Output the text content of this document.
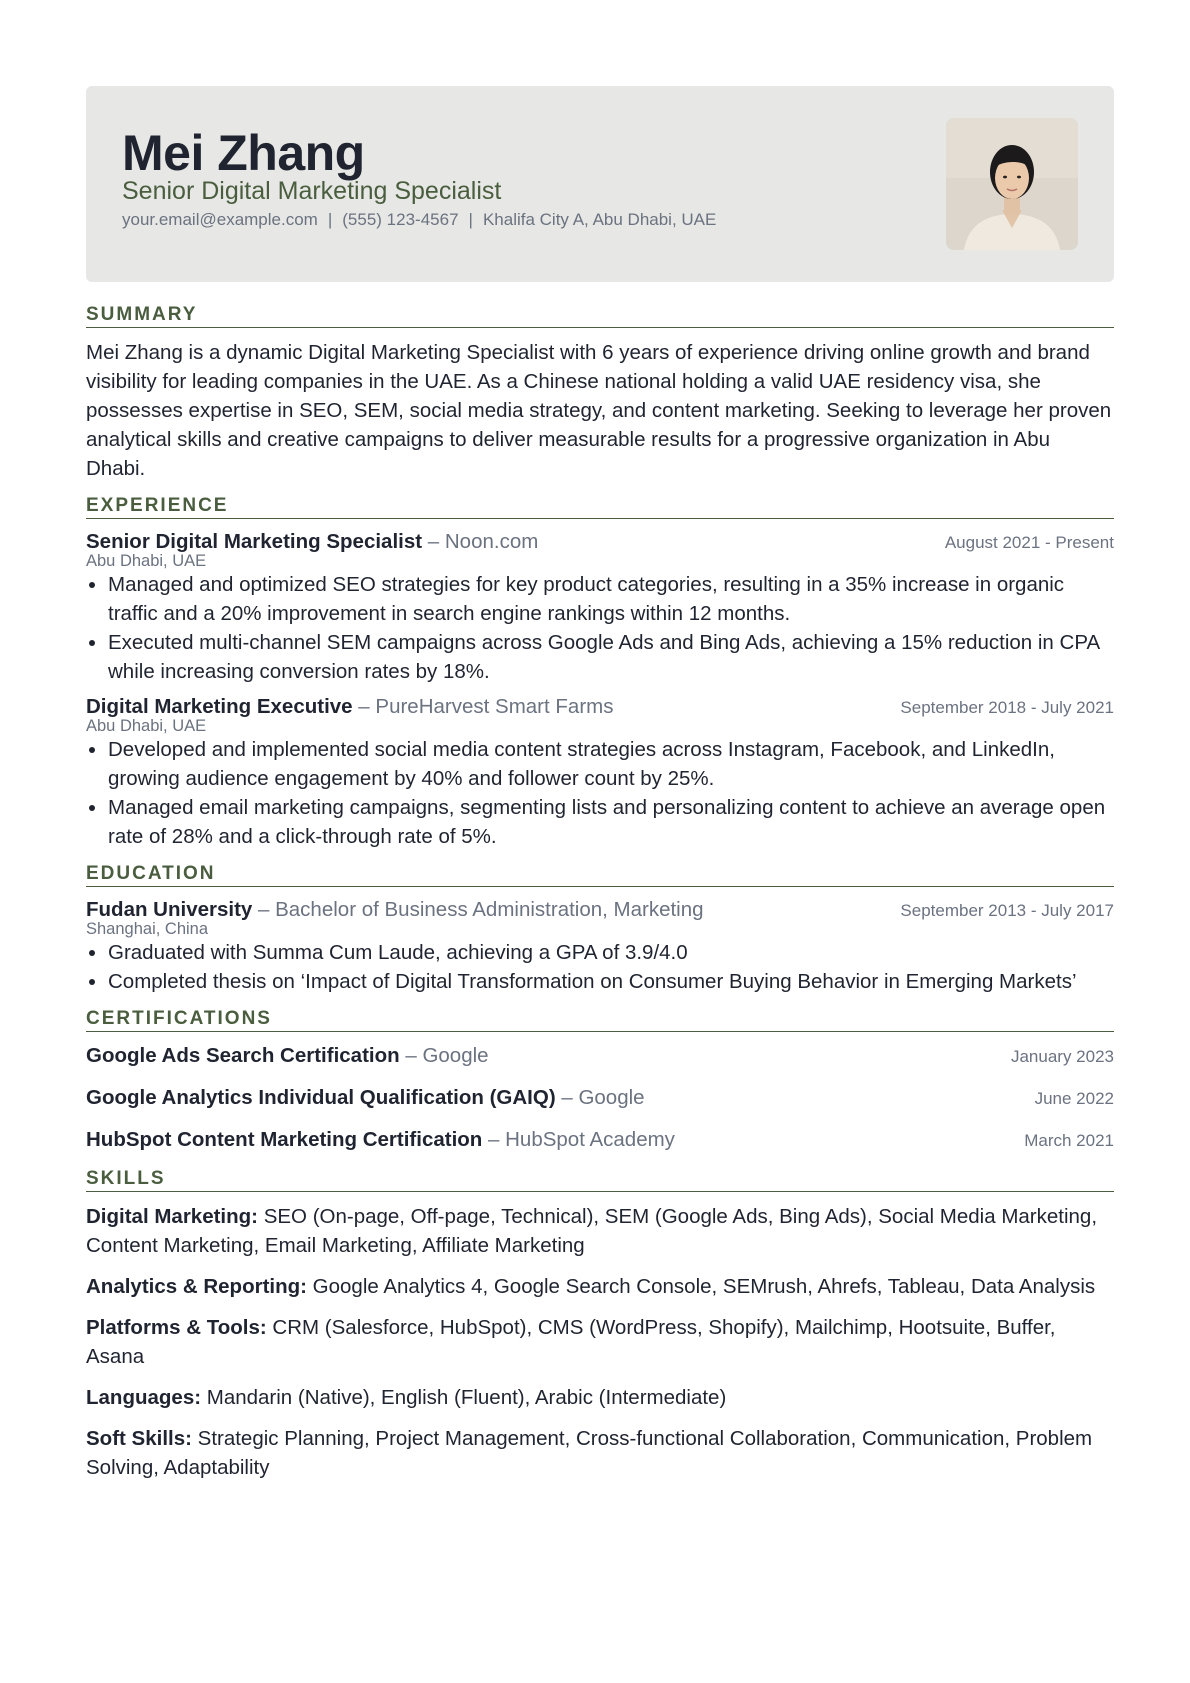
Mei Zhang
Senior Digital Marketing Specialist
your.email@example.com | (555) 123-4567 | Khalifa City A, Abu Dhabi, UAE
SUMMARY
Mei Zhang is a dynamic Digital Marketing Specialist with 6 years of experience driving online growth and brand visibility for leading companies in the UAE. As a Chinese national holding a valid UAE residency visa, she possesses expertise in SEO, SEM, social media strategy, and content marketing. Seeking to leverage her proven analytical skills and creative campaigns to deliver measurable results for a progressive organization in Abu Dhabi.
EXPERIENCE
Senior Digital Marketing Specialist – Noon.com	August 2021 - Present
Abu Dhabi, UAE
• Managed and optimized SEO strategies for key product categories, resulting in a 35% increase in organic traffic and a 20% improvement in search engine rankings within 12 months.
• Executed multi-channel SEM campaigns across Google Ads and Bing Ads, achieving a 15% reduction in CPA while increasing conversion rates by 18%.
Digital Marketing Executive – PureHarvest Smart Farms	September 2018 - July 2021
Abu Dhabi, UAE
• Developed and implemented social media content strategies across Instagram, Facebook, and LinkedIn, growing audience engagement by 40% and follower count by 25%.
• Managed email marketing campaigns, segmenting lists and personalizing content to achieve an average open rate of 28% and a click-through rate of 5%.
EDUCATION
Fudan University – Bachelor of Business Administration, Marketing	September 2013 - July 2017
Shanghai, China
• Graduated with Summa Cum Laude, achieving a GPA of 3.9/4.0
• Completed thesis on ‘Impact of Digital Transformation on Consumer Buying Behavior in Emerging Markets’
CERTIFICATIONS
Google Ads Search Certification – Google	January 2023
Google Analytics Individual Qualification (GAIQ) – Google	June 2022
HubSpot Content Marketing Certification – HubSpot Academy	March 2021
SKILLS
Digital Marketing: SEO (On-page, Off-page, Technical), SEM (Google Ads, Bing Ads), Social Media Marketing, Content Marketing, Email Marketing, Affiliate Marketing
Analytics & Reporting: Google Analytics 4, Google Search Console, SEMrush, Ahrefs, Tableau, Data Analysis
Platforms & Tools: CRM (Salesforce, HubSpot), CMS (WordPress, Shopify), Mailchimp, Hootsuite, Buffer, Asana
Languages: Mandarin (Native), English (Fluent), Arabic (Intermediate)
Soft Skills: Strategic Planning, Project Management, Cross-functional Collaboration, Communication, Problem Solving, Adaptability
